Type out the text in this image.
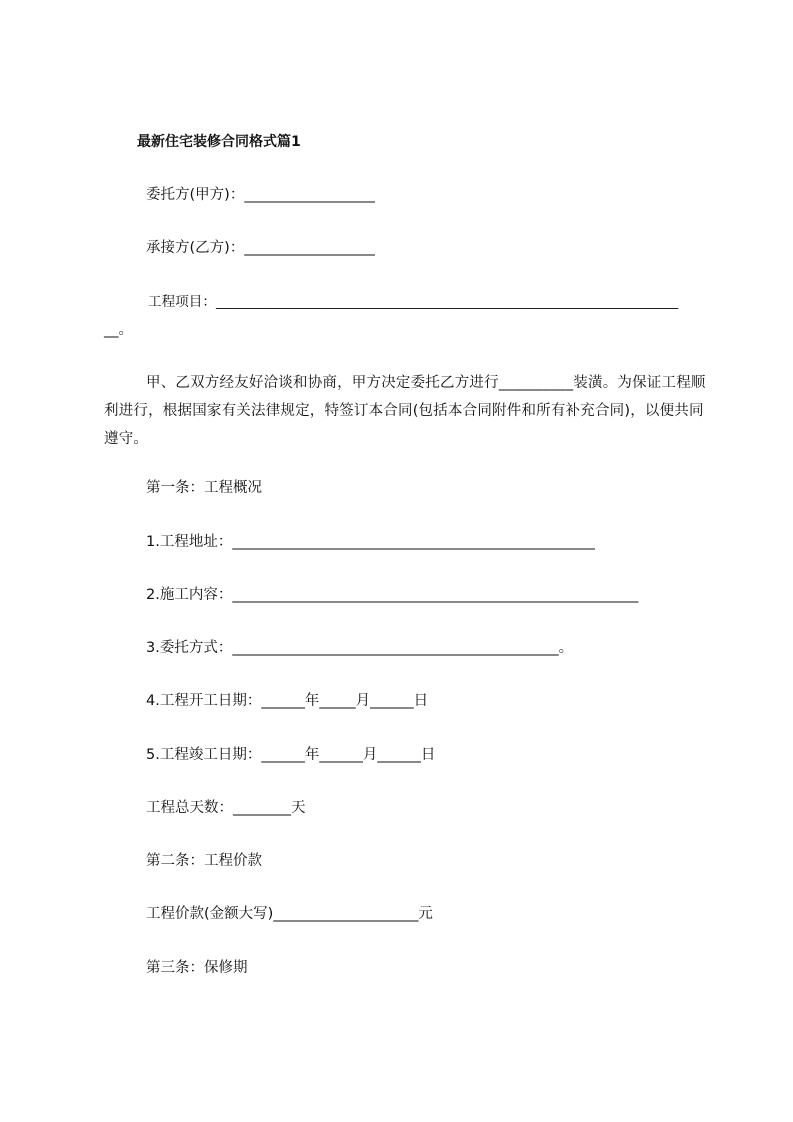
最新住宅装修合同格式篇1
委托方(甲方)：__________________
承接方(乙方)：__________________
工程项目：____________________________________________________________________
__。
甲、乙双方经友好洽谈和协商，甲方决定委托乙方进行__________装潢。为保证工程顺利进行，根据国家有关法律规定，特签订本合同(包括本合同附件和所有补充合同)，以便共同遵守。
第一条：工程概况
1.工程地址：__________________________________________________
2.施工内容：________________________________________________________
3.委托方式：_____________________________________________。
4.工程开工日期：______年_____月______日
5.工程竣工日期：______年______月______日
工程总天数：________天
第二条：工程价款
工程价款(金额大写)____________________元
第三条：保修期
